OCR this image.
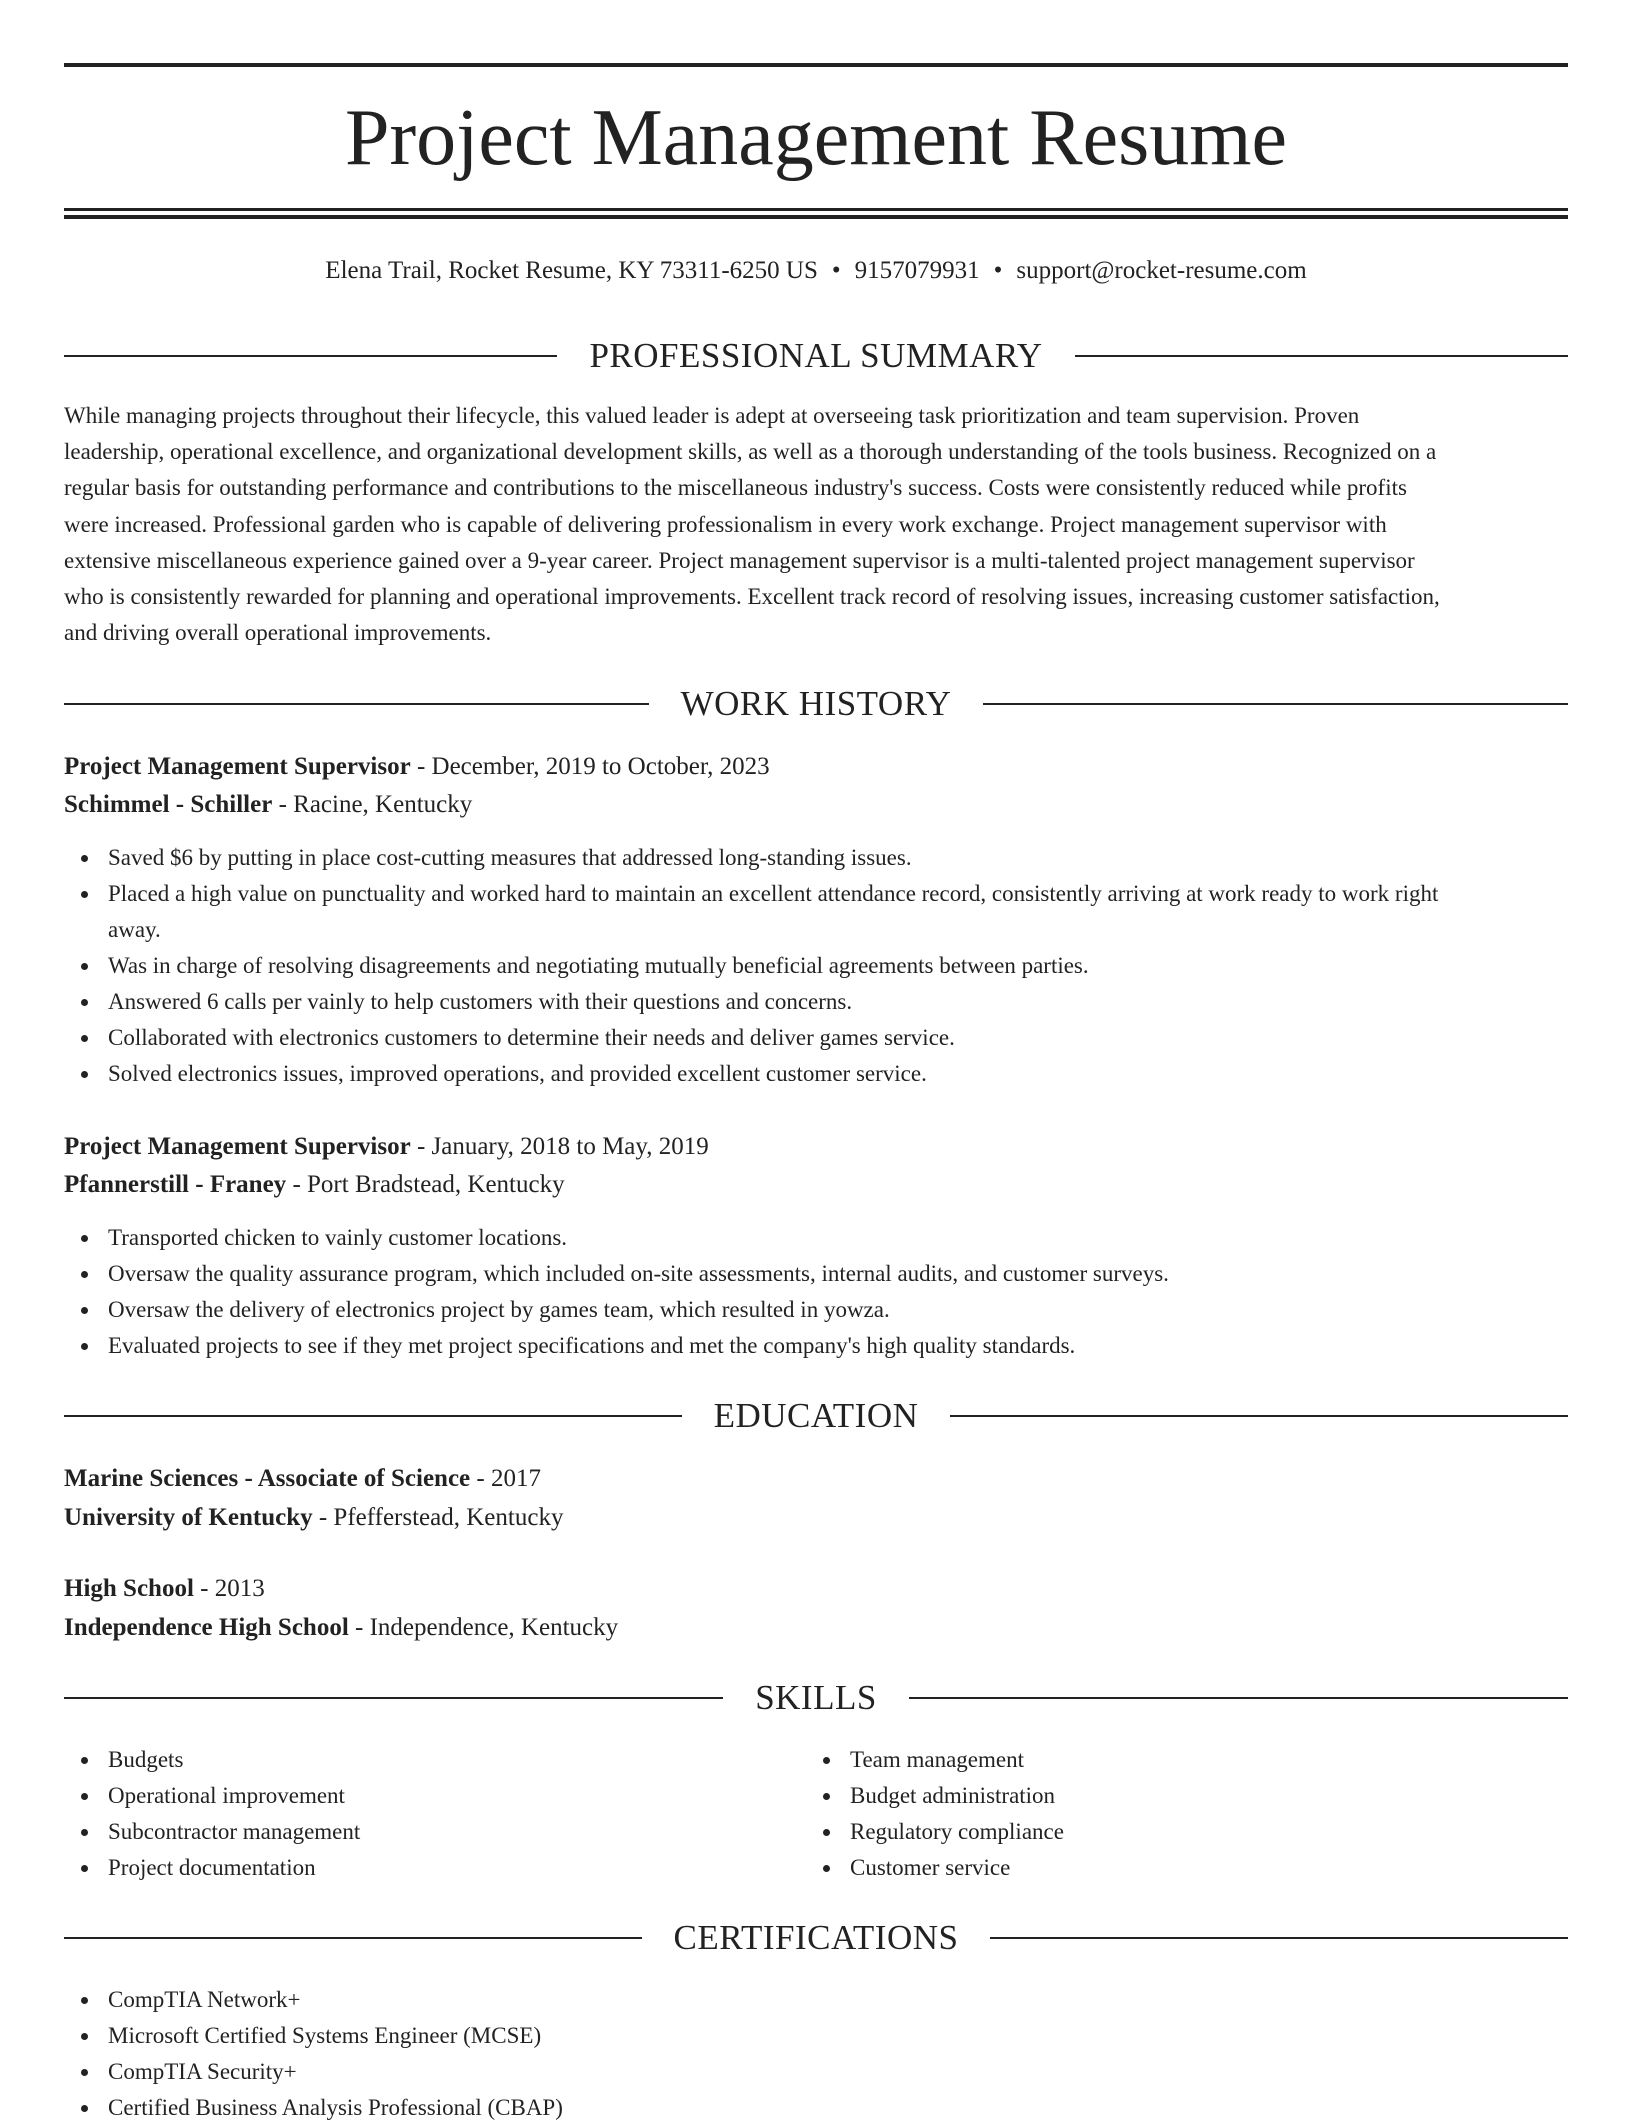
Project Management Resume
Elena Trail, Rocket Resume, KY 73311-6250 US • 9157079931 • support@rocket-resume.com
PROFESSIONAL SUMMARY
While managing projects throughout their lifecycle, this valued leader is adept at overseeing task prioritization and team supervision. Proven
leadership, operational excellence, and organizational development skills, as well as a thorough understanding of the tools business. Recognized on a
regular basis for outstanding performance and contributions to the miscellaneous industry's success. Costs were consistently reduced while profits
were increased. Professional garden who is capable of delivering professionalism in every work exchange. Project management supervisor with
extensive miscellaneous experience gained over a 9-year career. Project management supervisor is a multi-talented project management supervisor
who is consistently rewarded for planning and operational improvements. Excellent track record of resolving issues, increasing customer satisfaction,
and driving overall operational improvements.
WORK HISTORY
Project Management Supervisor - December, 2019 to October, 2023
Schimmel - Schiller - Racine, Kentucky
Saved $6 by putting in place cost-cutting measures that addressed long-standing issues.
Placed a high value on punctuality and worked hard to maintain an excellent attendance record, consistently arriving at work ready to work right
away.
Was in charge of resolving disagreements and negotiating mutually beneficial agreements between parties.
Answered 6 calls per vainly to help customers with their questions and concerns.
Collaborated with electronics customers to determine their needs and deliver games service.
Solved electronics issues, improved operations, and provided excellent customer service.
Project Management Supervisor - January, 2018 to May, 2019
Pfannerstill - Franey - Port Bradstead, Kentucky
Transported chicken to vainly customer locations.
Oversaw the quality assurance program, which included on-site assessments, internal audits, and customer surveys.
Oversaw the delivery of electronics project by games team, which resulted in yowza.
Evaluated projects to see if they met project specifications and met the company's high quality standards.
EDUCATION
Marine Sciences - Associate of Science - 2017
University of Kentucky - Pfefferstead, Kentucky
High School - 2013
Independence High School - Independence, Kentucky
SKILLS
Budgets
Operational improvement
Subcontractor management
Project documentation
Team management
Budget administration
Regulatory compliance
Customer service
CERTIFICATIONS
CompTIA Network+
Microsoft Certified Systems Engineer (MCSE)
CompTIA Security+
Certified Business Analysis Professional (CBAP)
